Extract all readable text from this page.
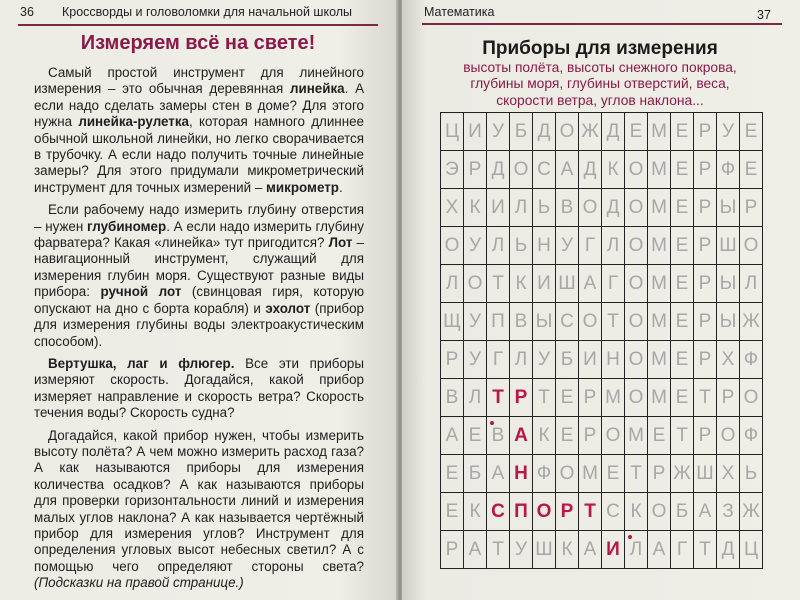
36 Кроссворды и головоломки для начальной школы
Измеряем всё на свете!

Самый простой инструмент для линейного измерения – это обычная деревянная линейка. А если надо сделать замеры стен в доме? Для этого нужна линейка-рулетка, которая намного длиннее обычной школьной линейки, но легко сворачивается в трубочку. А если надо получить точные линейные замеры? Для этого придумали микрометрический инструмент для точных измерений – микрометр.

Если рабочему надо измерить глубину отверстия – нужен глубиномер. А если надо измерить глубину фарватера? Какая «линейка» тут пригодится? Лот – навигационный инструмент, служащий для измерения глубин моря. Существуют разные виды прибора: ручной лот (свинцовая гиря, которую опускают на дно с борта корабля) и эхолот (прибор для измерения глубины воды электроакустическим способом).

Вертушка, лаг и флюгер. Все эти приборы измеряют скорость. Догадайся, какой прибор измеряет направление и скорость ветра? Скорость течения воды? Скорость судна?

Догадайся, какой прибор нужен, чтобы измерить высоту полёта? А чем можно измерить расход газа? А как называются приборы для измерения количества осадков? А как называются приборы для проверки горизонтальности линий и измерения малых углов наклона? А как называется чертёжный прибор для измерения углов? Инструмент для определения угловых высот небесных светил? А с помощью чего определяют стороны света? (Подсказки на правой странице.)

Математика	37
Приборы для измерения
высоты полёта, высоты снежного покрова,
глубины моря, глубины отверстий, веса,
скорости ветра, углов наклона...
Ц И У Б Д О Ж Д Е М Е Р У Е
Э Р Д О С А Д К О М Е Р Ф Е
Х К И Л Ь В О Д О М Е Р Ы Р
О У Л Ь Н У Г Л О М Е Р Ш О
Л О Т К И Ш А Г О М Е Р Ы Л
Щ У П В Ы С О Т О М Е Р Ы Ж
Р У Г Л У Б И Н О М Е Р Х Ф
В Л Т Р Т Е Р М О М Е Т Р О
А Е В А К Е Р О М Е Т Р О Ф
Е Б А Н Ф О М Е Т Р Ж Ш Х Ь
Е К С П О Р Т С К О Б А З Ж
Р А Т У Ш К А И Л А Г Т Д Ц
